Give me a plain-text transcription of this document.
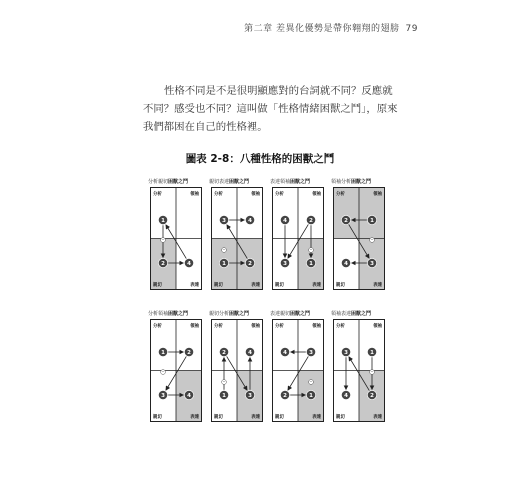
第二章 差異化優勢是帶你翱翔的翅膀 79

性格不同是不是很明顯應對的台詞就不同？反應就不同？感受也不同？這叫做「性格情緒困獸之鬥」，原來我們都困在自己的性格裡。

圖表 2-8：八種性格的困獸之鬥
分析親切困獸之鬥
分析	領袖
親切	表達
1
2	4
親切表達困獸之鬥
分析	領袖
親切	表達
3	4
1	2
表達領袖困獸之鬥
分析	領袖
親切	表達
4	2
3	1
領袖分析困獸之鬥
分析	領袖
親切	表達
2	1
4	3
分析領袖困獸之鬥
分析	領袖
親切	表達
1	2
3	4
親切分析困獸之鬥
分析	領袖
親切	表達
2	4
1	3
表達親切困獸之鬥
分析	領袖
親切	表達
4	3
2	1
領袖表達困獸之鬥
分析	領袖
親切	表達
3	1
4	2
